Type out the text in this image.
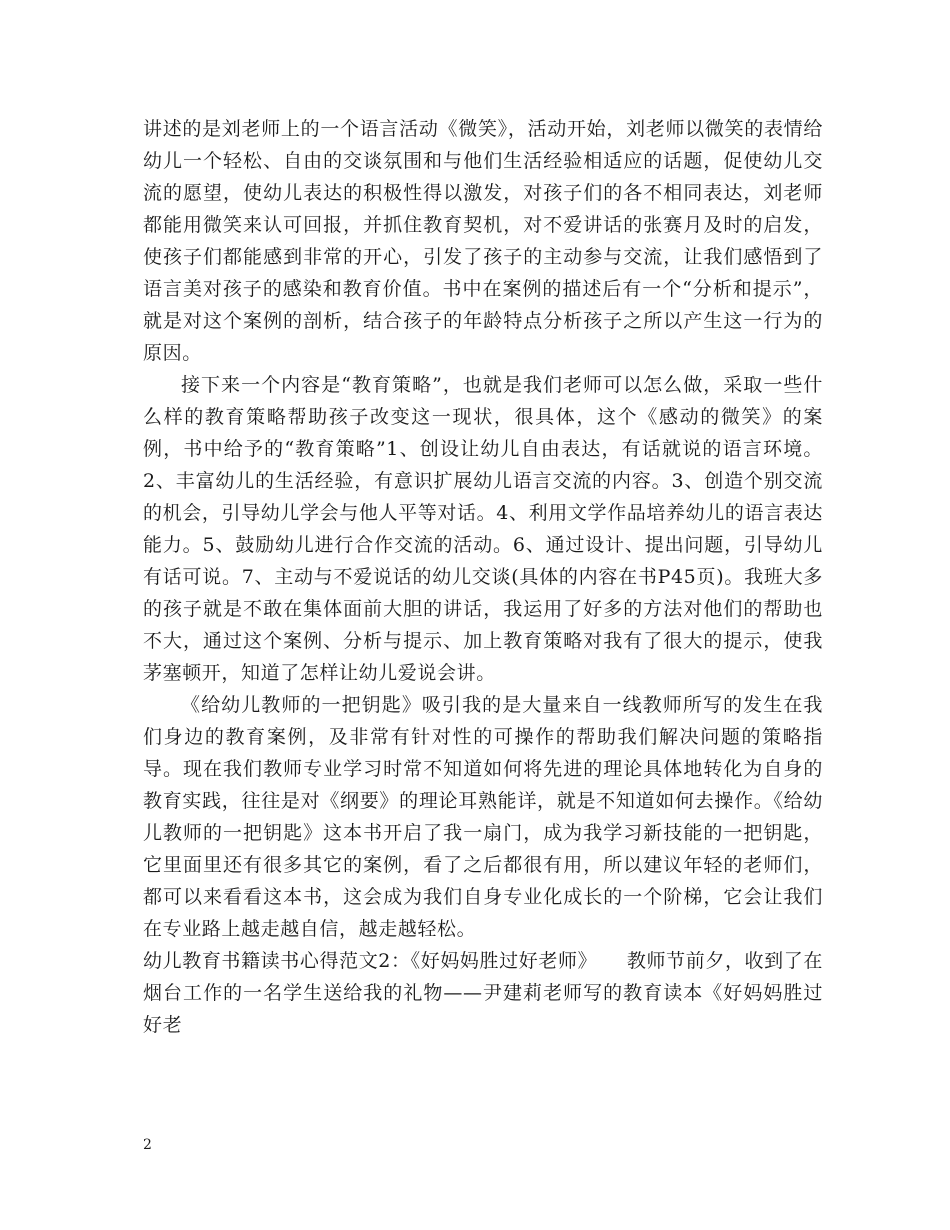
讲述的是刘老师上的一个语言活动《微笑》，活动开始，刘老师以微笑的表情给幼儿一个轻松、自由的交谈氛围和与他们生活经验相适应的话题，促使幼儿交流的愿望，使幼儿表达的积极性得以激发，对孩子们的各不相同表达，刘老师都能用微笑来认可回报，并抓住教育契机，对不爱讲话的张赛月及时的启发，使孩子们都能感到非常的开心，引发了孩子的主动参与交流，让我们感悟到了语言美对孩子的感染和教育价值。书中在案例的描述后有一个“分析和提示”，就是对这个案例的剖析，结合孩子的年龄特点分析孩子之所以产生这一行为的原因。

接下来一个内容是“教育策略”，也就是我们老师可以怎么做，采取一些什么样的教育策略帮助孩子改变这一现状，很具体，这个《感动的微笑》的案例，书中给予的“教育策略”1、创设让幼儿自由表达，有话就说的语言环境。2、丰富幼儿的生活经验，有意识扩展幼儿语言交流的内容。3、创造个别交流的机会，引导幼儿学会与他人平等对话。4、利用文学作品培养幼儿的语言表达能力。5、鼓励幼儿进行合作交流的活动。6、通过设计、提出问题，引导幼儿有话可说。7、主动与不爱说话的幼儿交谈(具体的内容在书P45页)。我班大多的孩子就是不敢在集体面前大胆的讲话，我运用了好多的方法对他们的帮助也不大，通过这个案例、分析与提示、加上教育策略对我有了很大的提示，使我茅塞顿开，知道了怎样让幼儿爱说会讲。

《给幼儿教师的一把钥匙》吸引我的是大量来自一线教师所写的发生在我们身边的教育案例，及非常有针对性的可操作的帮助我们解决问题的策略指导。现在我们教师专业学习时常不知道如何将先进的理论具体地转化为自身的教育实践，往往是对《纲要》的理论耳熟能详，就是不知道如何去操作。《给幼儿教师的一把钥匙》这本书开启了我一扇门，成为我学习新技能的一把钥匙，它里面里还有很多其它的案例，看了之后都很有用，所以建议年轻的老师们，都可以来看看这本书，这会成为我们自身专业化成长的一个阶梯，它会让我们在专业路上越走越自信，越走越轻松。

幼儿教育书籍读书心得范文2：《好妈妈胜过好老师》　　教师节前夕，收到了在烟台工作的一名学生送给我的礼物——尹建莉老师写的教育读本《好妈妈胜过好老

2
